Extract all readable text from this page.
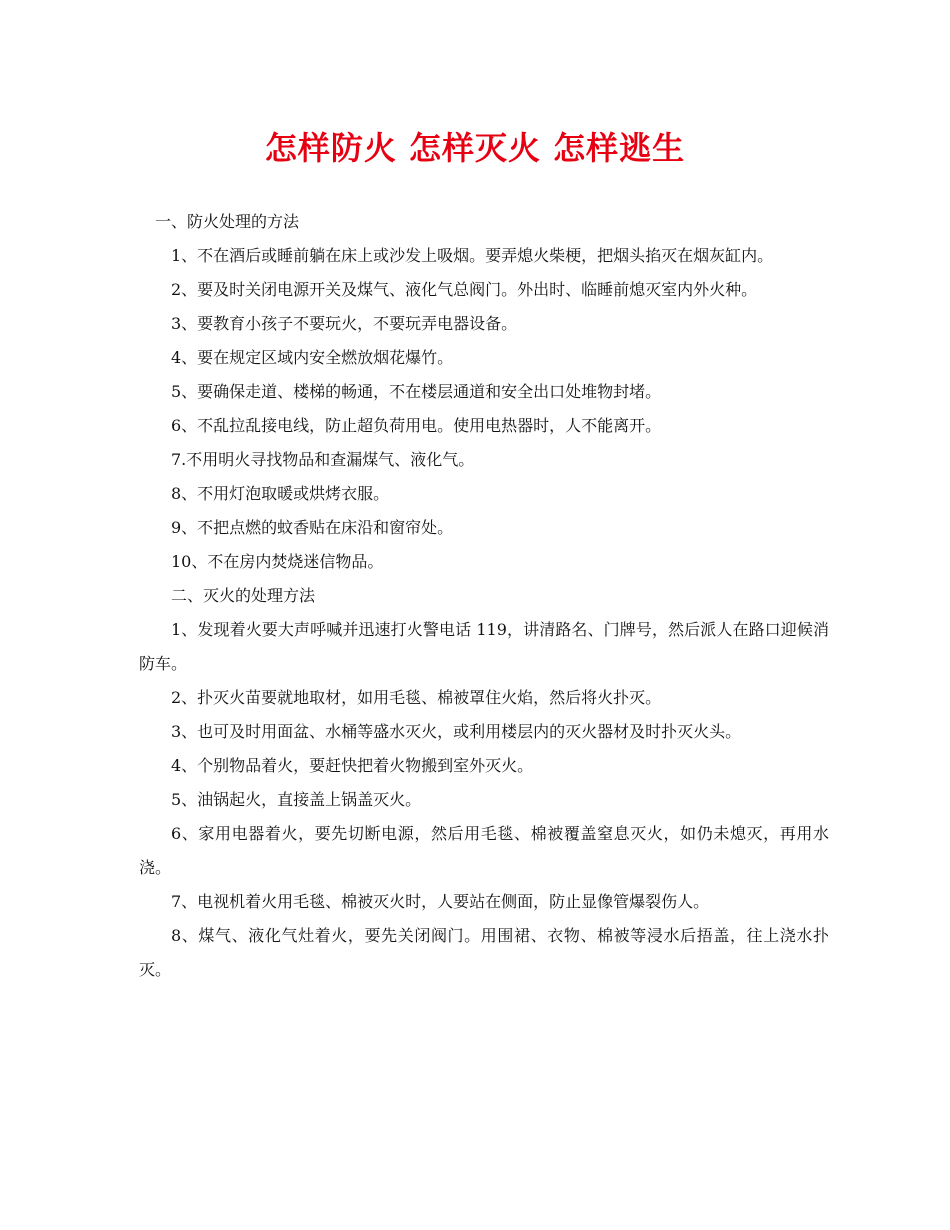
怎样防火 怎样灭火 怎样逃生

一、防火处理的方法

1、不在酒后或睡前躺在床上或沙发上吸烟。要弄熄火柴梗，把烟头掐灭在烟灰缸内。

2、要及时关闭电源开关及煤气、液化气总阀门。外出时、临睡前熄灭室内外火种。

3、要教育小孩子不要玩火，不要玩弄电器设备。

4、要在规定区域内安全燃放烟花爆竹。

5、要确保走道、楼梯的畅通，不在楼层通道和安全出口处堆物封堵。

6、不乱拉乱接电线，防止超负荷用电。使用电热器时，人不能离开。

7.不用明火寻找物品和查漏煤气、液化气。

8、不用灯泡取暖或烘烤衣服。

9、不把点燃的蚊香贴在床沿和窗帘处。

10、不在房内焚烧迷信物品。

二、灭火的处理方法

1、发现着火要大声呼喊并迅速打火警电话 119，讲清路名、门牌号，然后派人在路口迎候消防车。

2、扑灭火苗要就地取材，如用毛毯、棉被罩住火焰，然后将火扑灭。

3、也可及时用面盆、水桶等盛水灭火，或利用楼层内的灭火器材及时扑灭火头。

4、个别物品着火，要赶快把着火物搬到室外灭火。

5、油锅起火，直接盖上锅盖灭火。

6、家用电器着火，要先切断电源，然后用毛毯、棉被覆盖窒息灭火，如仍未熄灭，再用水浇。

7、电视机着火用毛毯、棉被灭火时，人要站在侧面，防止显像管爆裂伤人。

8、煤气、液化气灶着火，要先关闭阀门。用围裙、衣物、棉被等浸水后捂盖，往上浇水扑灭。
